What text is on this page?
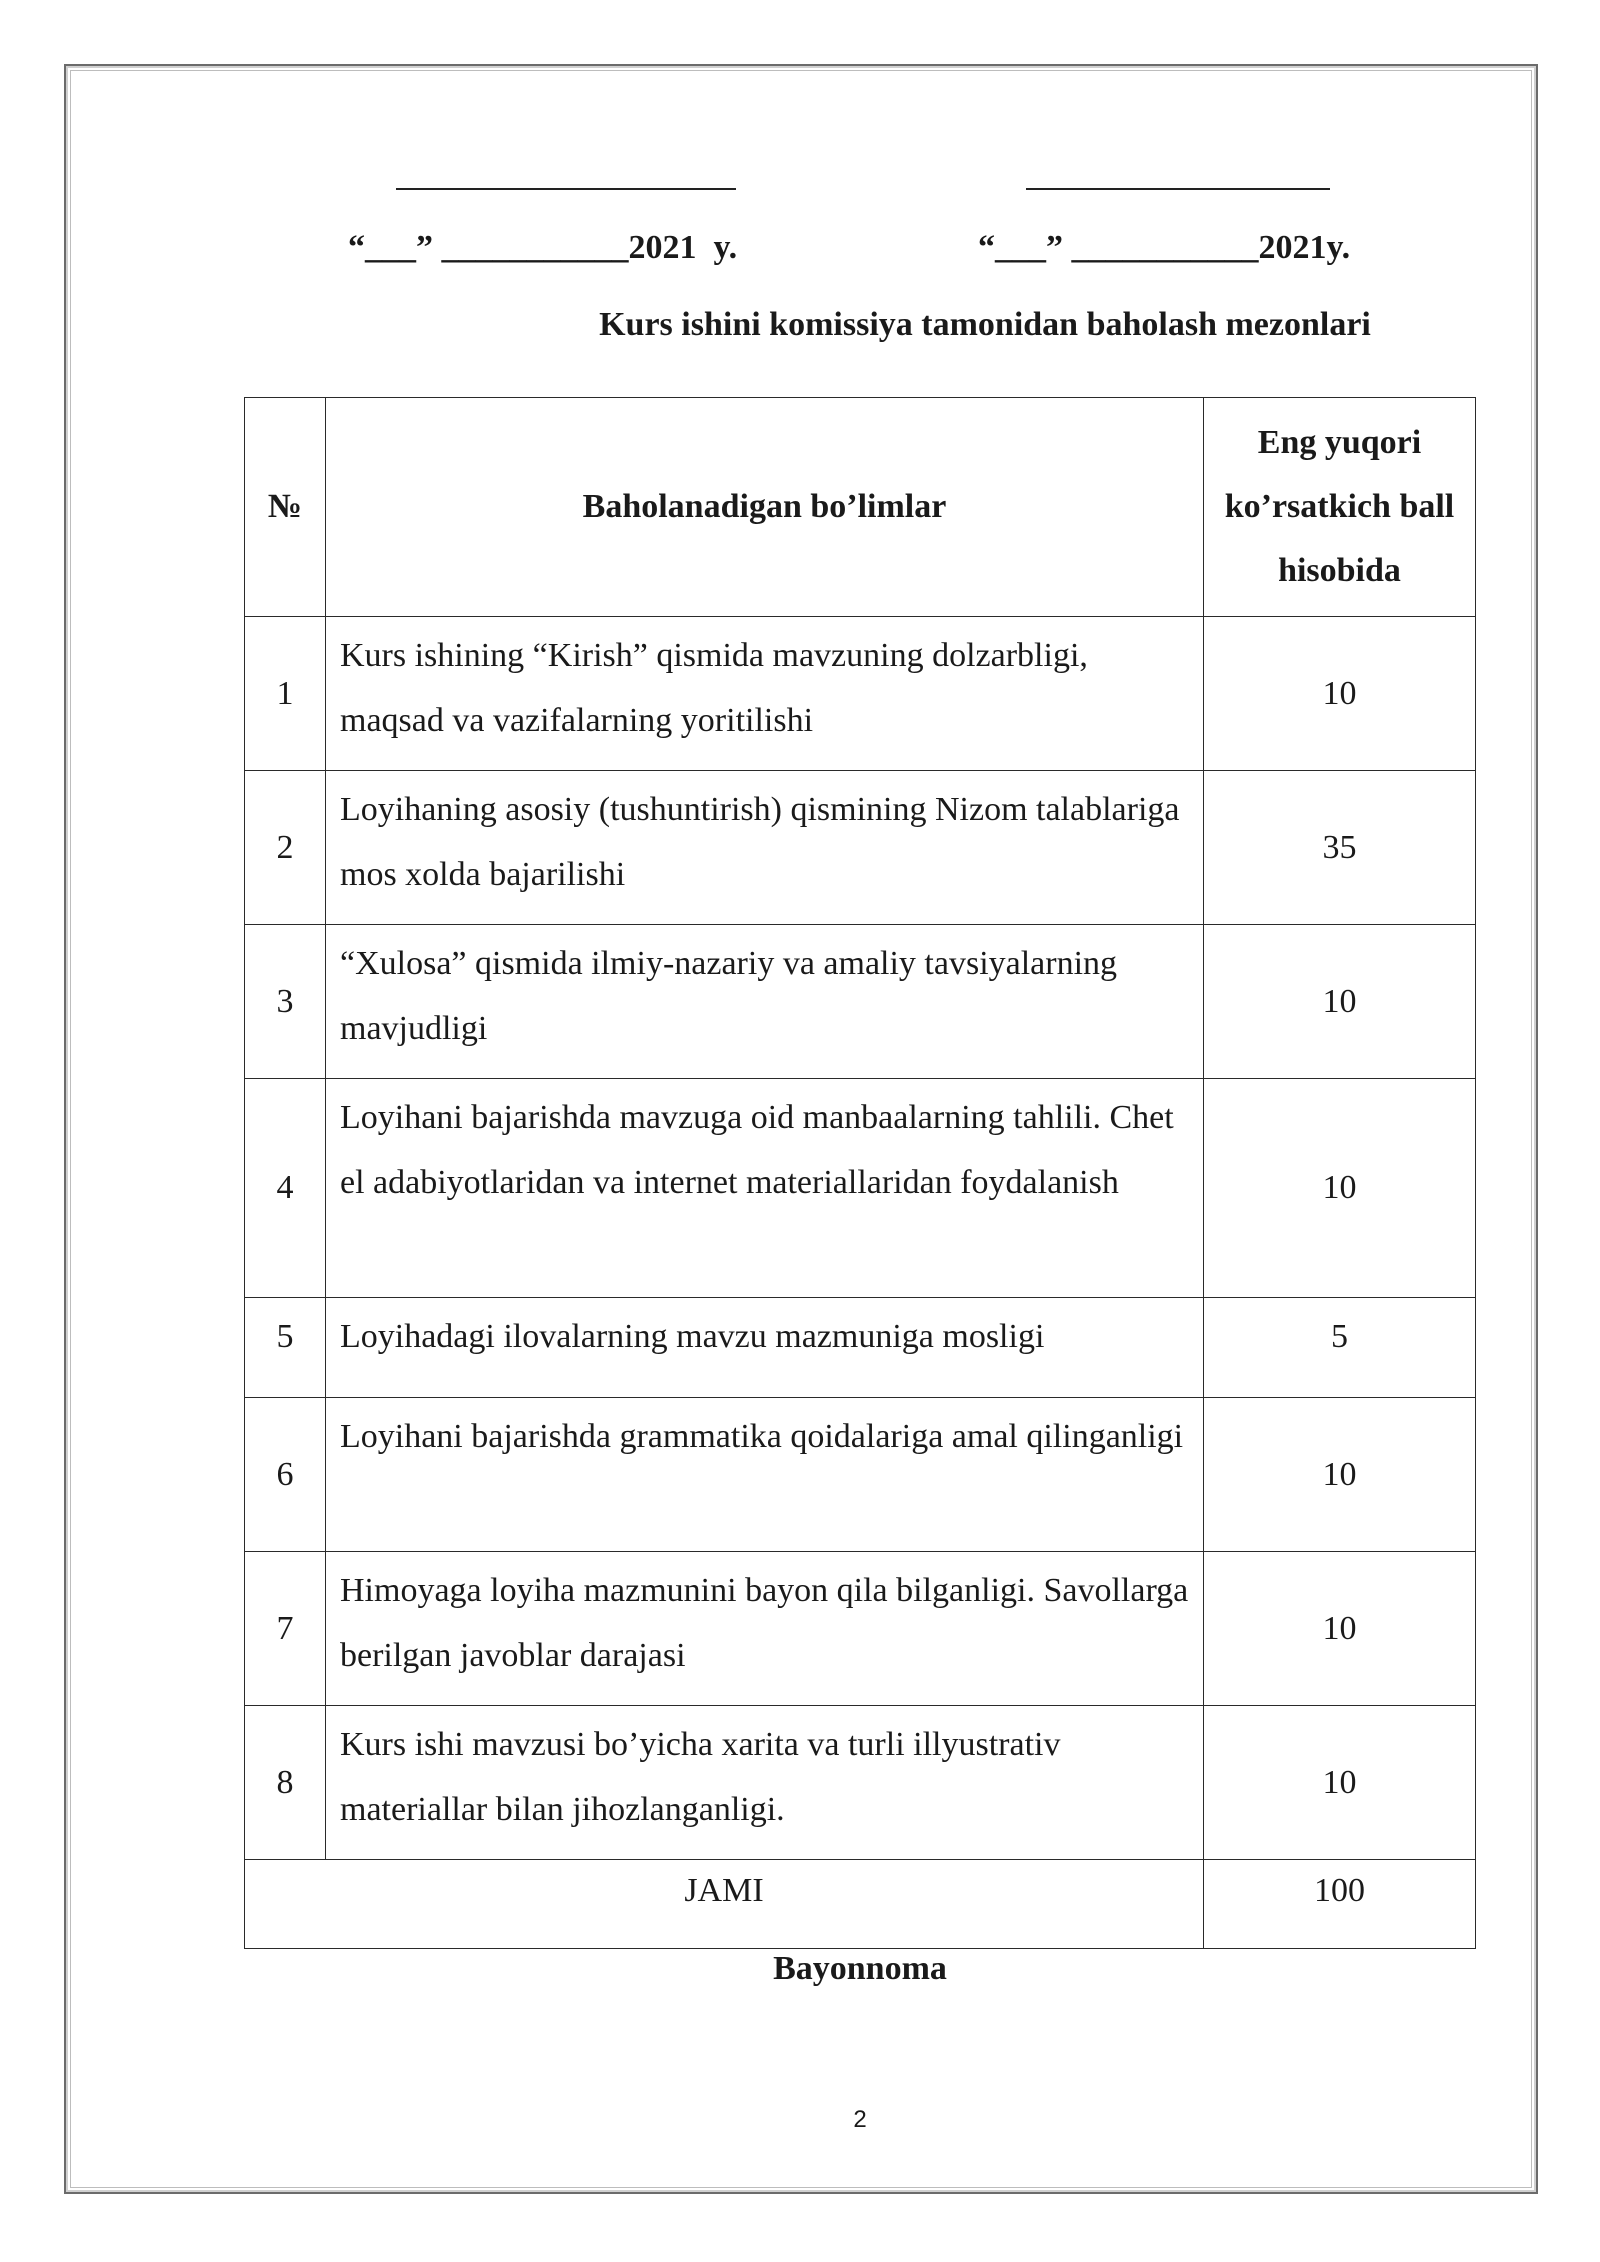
“___” ___________2021  y.	“___” ___________2021y.
Kurs ishini komissiya tamonidan baholash mezonlari
№	Baholanadigan bo’limlar	Eng yuqori ko’rsatkich ball hisobida
1	Kurs ishining “Kirish” qismida mavzuning dolzarbligi, maqsad va vazifalarning yoritilishi	10
2	Loyihaning asosiy (tushuntirish) qismining Nizom talablariga mos xolda bajarilishi	35
3	“Xulosa” qismida ilmiy-nazariy va amaliy tavsiyalarning mavjudligi	10
4	Loyihani bajarishda mavzuga oid manbaalarning tahlili. Chet el adabiyotlaridan va internet materiallaridan foydalanish	10
5	Loyihadagi ilovalarning mavzu mazmuniga mosligi	5
6	Loyihani bajarishda grammatika qoidalariga amal qilinganligi	10
7	Himoyaga loyiha mazmunini bayon qila bilganligi. Savollarga berilgan javoblar darajasi	10
8	Kurs ishi mavzusi bo’yicha xarita va turli illyustrativ materiallar bilan jihozlanganligi.	10
JAMI		100
Bayonnoma
2
